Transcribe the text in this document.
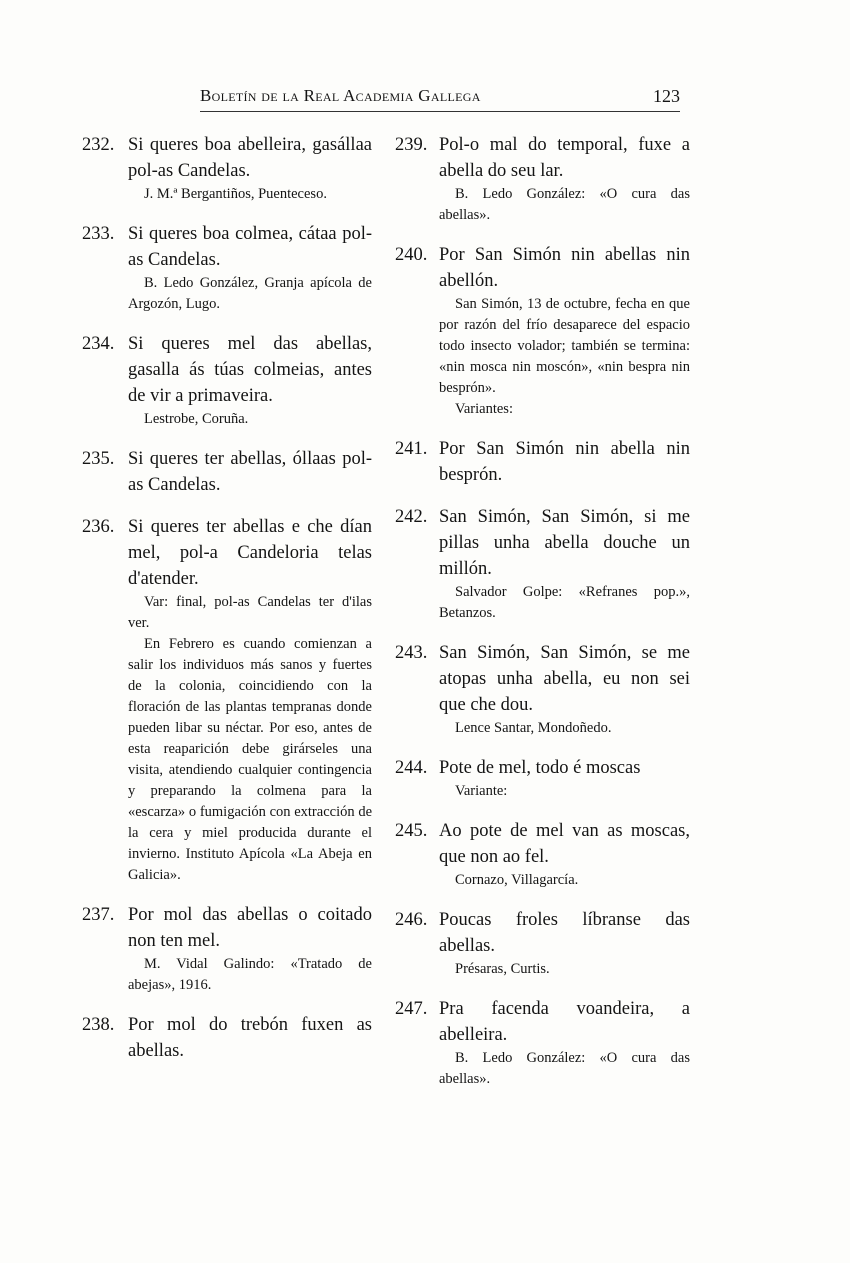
Boletín de la Real Academia Gallega	123
232. Si queres boa abelleira, gasállaa pol-as Candelas.
J. M.ª Bergantiños, Puenteceso.
233. Si queres boa colmea, cátaa pol-as Candelas.
B. Ledo González, Granja apícola de Argozón, Lugo.
234. Si queres mel das abellas, gasalla ás túas colmeias, antes de vir a primaveira.
Lestrobe, Coruña.
235. Si queres ter abellas, óllaas pol-as Candelas.
236. Si queres ter abellas e che dían mel, pol-a Candeloria telas d'atender.
Var: final, pol-as Candelas ter d'ilas ver.
En Febrero es cuando comienzan a salir los individuos más sanos y fuertes de la colonia, coincidiendo con la floración de las plantas tempranas donde pueden libar su néctar. Por eso, antes de esta reaparición debe girárseles una visita, atendiendo cualquier contingencia y preparando la colmena para la «escarza» o fumigación con extracción de la cera y miel producida durante el invierno. Instituto Apícola «La Abeja en Galicia».
237. Por mol das abellas o coitado non ten mel.
M. Vidal Galindo: «Tratado de abejas», 1916.
238. Por mol do trebón fuxen as abellas.
239. Pol-o mal do temporal, fuxe a abella do seu lar.
B. Ledo González: «O cura das abellas».
240. Por San Simón nin abellas nin abellón.
San Simón, 13 de octubre, fecha en que por razón del frío desaparece del espacio todo insecto volador; también se termina: «nin mosca nin moscón», «nin bespra nin besprón».
Variantes:
241. Por San Simón nin abella nin besprón.
242. San Simón, San Simón, si me pillas unha abella douche un millón.
Salvador Golpe: «Refranes pop.», Betanzos.
243. San Simón, San Simón, se me atopas unha abella, eu non sei que che dou.
Lence Santar, Mondoñedo.
244. Pote de mel, todo é moscas
Variante:
245. Ao pote de mel van as moscas, que non ao fel.
Cornazo, Villagarcía.
246. Poucas froles líbranse das abellas.
Présaras, Curtis.
247. Pra facenda voandeira, a abelleira.
B. Ledo González: «O cura das abellas».
